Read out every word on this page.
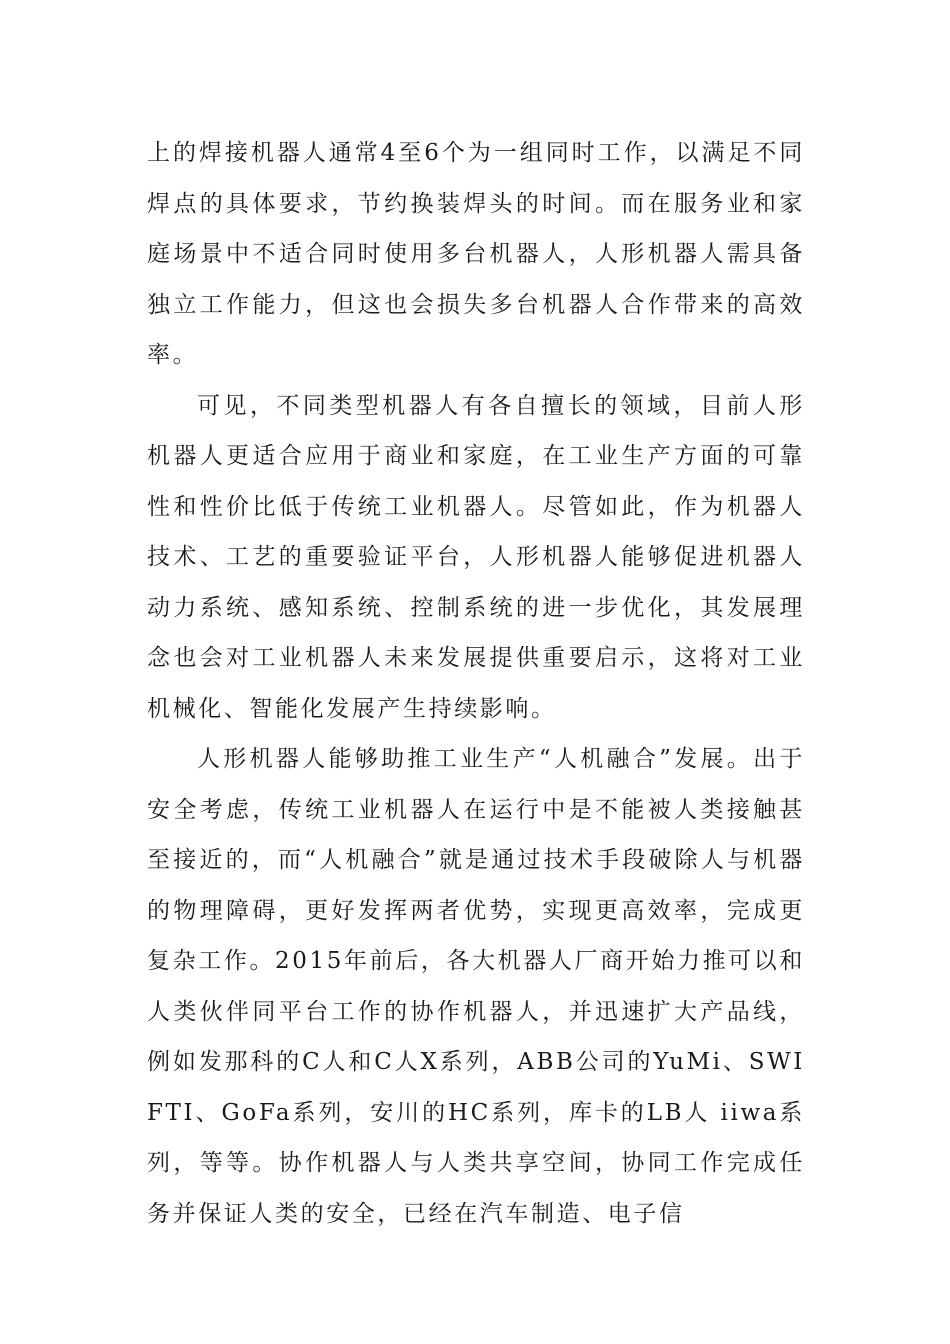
上的焊接机器人通常4至6个为一组同时工作，以满足不同焊点的具体要求，节约换装焊头的时间。而在服务业和家庭场景中不适合同时使用多台机器人，人形机器人需具备独立工作能力，但这也会损失多台机器人合作带来的高效率。

可见，不同类型机器人有各自擅长的领域，目前人形机器人更适合应用于商业和家庭，在工业生产方面的可靠性和性价比低于传统工业机器人。尽管如此，作为机器人技术、工艺的重要验证平台，人形机器人能够促进机器人动力系统、感知系统、控制系统的进一步优化，其发展理念也会对工业机器人未来发展提供重要启示，这将对工业机械化、智能化发展产生持续影响。

人形机器人能够助推工业生产“人机融合”发展。出于安全考虑，传统工业机器人在运行中是不能被人类接触甚至接近的，而“人机融合”就是通过技术手段破除人与机器的物理障碍，更好发挥两者优势，实现更高效率，完成更复杂工作。2015年前后，各大机器人厂商开始力推可以和人类伙伴同平台工作的协作机器人，并迅速扩大产品线，例如发那科的C人和C人X系列，ABB公司的YuMi、SWIFTI、GoFa系列，安川的HC系列，库卡的LB人 iiwa系列，等等。协作机器人与人类共享空间，协同工作完成任务并保证人类的安全，已经在汽车制造、电子信
